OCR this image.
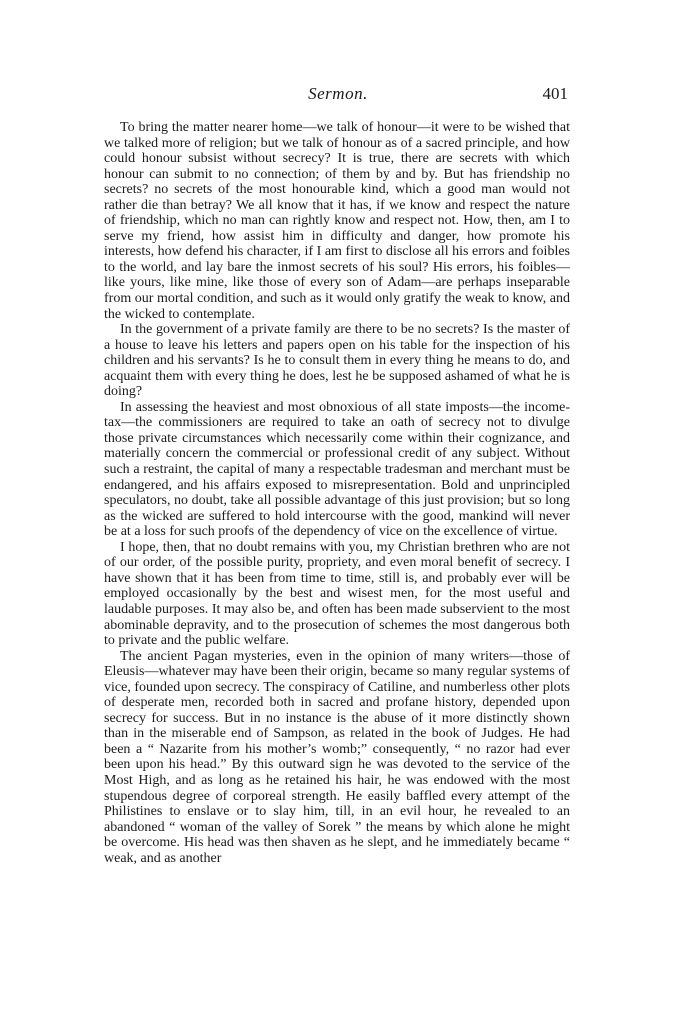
Sermon.	401

To bring the matter nearer home—we talk of honour—it were to be wished that we talked more of religion; but we talk of honour as of a sacred principle, and how could honour subsist without secrecy? It is true, there are secrets with which honour can submit to no connection; of them by and by. But has friendship no secrets? no secrets of the most honourable kind, which a good man would not rather die than betray? We all know that it has, if we know and respect the nature of friendship, which no man can rightly know and respect not. How, then, am I to serve my friend, how assist him in difficulty and danger, how promote his interests, how defend his character, if I am first to disclose all his errors and foibles to the world, and lay bare the inmost secrets of his soul? His errors, his foibles—like yours, like mine, like those of every son of Adam—are perhaps inseparable from our mortal condition, and such as it would only gratify the weak to know, and the wicked to contemplate.

In the government of a private family are there to be no secrets? Is the master of a house to leave his letters and papers open on his table for the inspection of his children and his servants? Is he to consult them in every thing he means to do, and acquaint them with every thing he does, lest he be supposed ashamed of what he is doing?

In assessing the heaviest and most obnoxious of all state imposts—the income-tax—the commissioners are required to take an oath of secrecy not to divulge those private circumstances which necessarily come within their cognizance, and materially concern the commercial or professional credit of any subject. Without such a restraint, the capital of many a respectable tradesman and merchant must be endangered, and his affairs exposed to misrepresentation. Bold and unprincipled speculators, no doubt, take all possible advantage of this just provision; but so long as the wicked are suffered to hold intercourse with the good, mankind will never be at a loss for such proofs of the dependency of vice on the excellence of virtue.

I hope, then, that no doubt remains with you, my Christian brethren who are not of our order, of the possible purity, propriety, and even moral benefit of secrecy. I have shown that it has been from time to time, still is, and probably ever will be employed occasionally by the best and wisest men, for the most useful and laudable purposes. It may also be, and often has been made subservient to the most abominable depravity, and to the prosecution of schemes the most dangerous both to private and the public welfare.

The ancient Pagan mysteries, even in the opinion of many writers—those of Eleusis—whatever may have been their origin, became so many regular systems of vice, founded upon secrecy. The conspiracy of Catiline, and numberless other plots of desperate men, recorded both in sacred and profane history, depended upon secrecy for success. But in no instance is the abuse of it more distinctly shown than in the miserable end of Sampson, as related in the book of Judges. He had been a “ Nazarite from his mother’s womb;” consequently, “ no razor had ever been upon his head.” By this outward sign he was devoted to the service of the Most High, and as long as he retained his hair, he was endowed with the most stupendous degree of corporeal strength. He easily baffled every attempt of the Philistines to enslave or to slay him, till, in an evil hour, he revealed to an abandoned “ woman of the valley of Sorek ” the means by which alone he might be overcome. His head was then shaven as he slept, and he immediately became “ weak, and as another
